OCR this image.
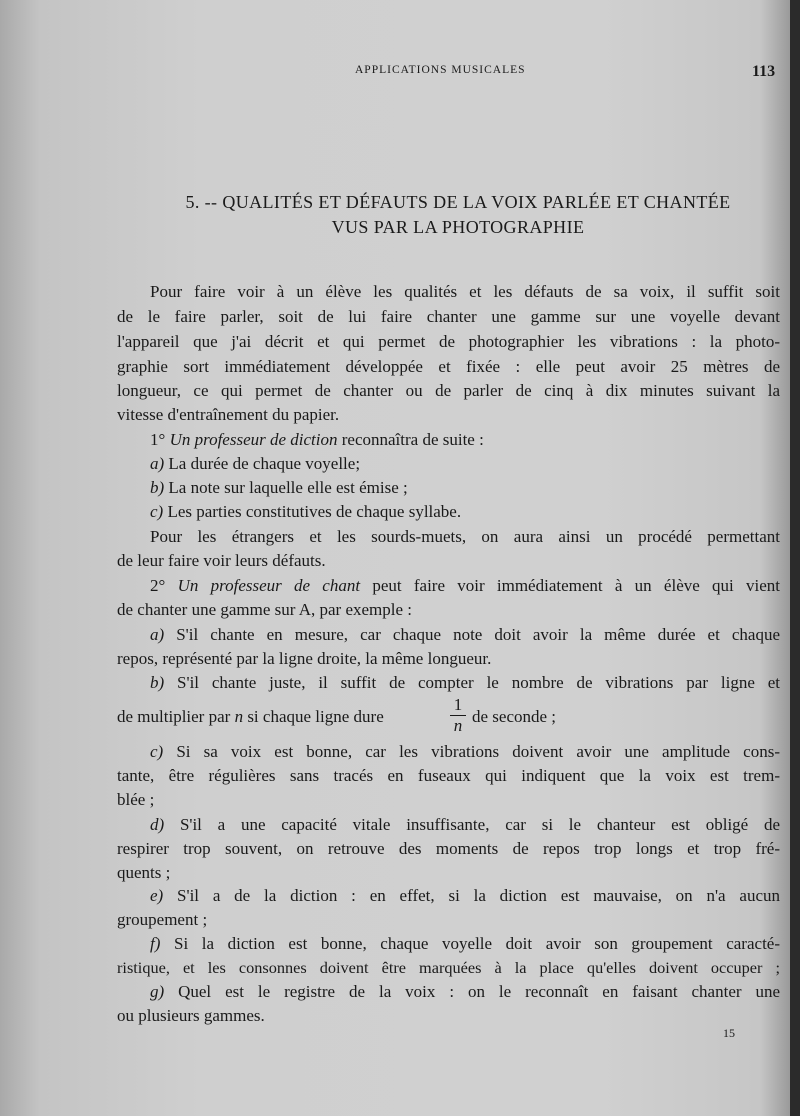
APPLICATIONS MUSICALES	113
5. -- QUALITÉS ET DÉFAUTS DE LA VOIX PARLÉE ET CHANTÉE
VUS PAR LA PHOTOGRAPHIE
Pour faire voir à un élève les qualités et les défauts de sa voix, il suffit soit
de le faire parler, soit de lui faire chanter une gamme sur une voyelle devant
l'appareil que j'ai décrit et qui permet de photographier les vibrations : la photo-
graphie sort immédiatement développée et fixée : elle peut avoir 25 mètres de
longueur, ce qui permet de chanter ou de parler de cinq à dix minutes suivant la
vitesse d'entraînement du papier.
1° Un professeur de diction reconnaîtra de suite :
a) La durée de chaque voyelle;
b) La note sur laquelle elle est émise ;
c) Les parties constitutives de chaque syllabe.
Pour les étrangers et les sourds-muets, on aura ainsi un procédé permettant
de leur faire voir leurs défauts.
2° Un professeur de chant peut faire voir immédiatement à un élève qui vient
de chanter une gamme sur A, par exemple :
a) S'il chante en mesure, car chaque note doit avoir la même durée et chaque
repos, représenté par la ligne droite, la même longueur.
b) S'il chante juste, il suffit de compter le nombre de vibrations par ligne et
de multiplier par n si chaque ligne dure
1
n de seconde ;
c) Si sa voix est bonne, car les vibrations doivent avoir une amplitude cons-
tante, être régulières sans tracés en fuseaux qui indiquent que la voix est trem-
blée ;
d) S'il a une capacité vitale insuffisante, car si le chanteur est obligé de
respirer trop souvent, on retrouve des moments de repos trop longs et trop fré-
quents ;
e) S'il a de la diction : en effet, si la diction est mauvaise, on n'a aucun
groupement ;
f) Si la diction est bonne, chaque voyelle doit avoir son groupement caracté-
ristique, et les consonnes doivent être marquées à la place qu'elles doivent occuper ;
g) Quel est le registre de la voix : on le reconnaît en faisant chanter une
ou plusieurs gammes.
15
